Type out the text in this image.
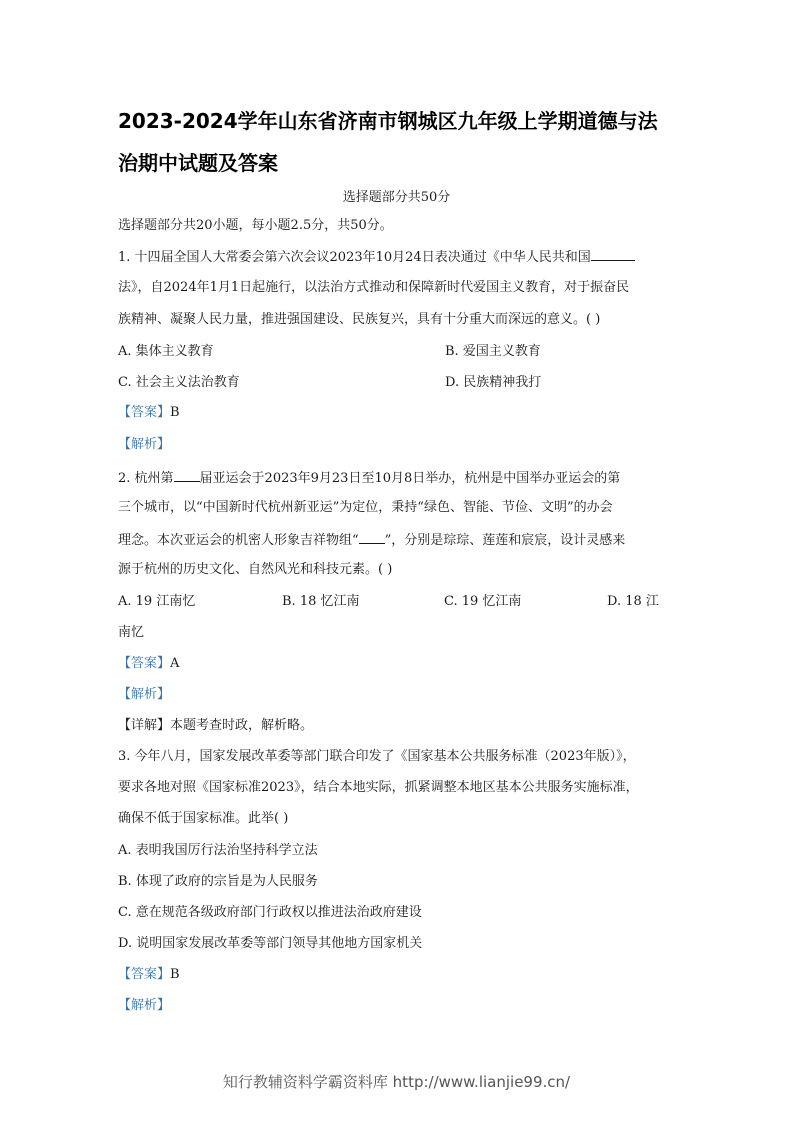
2023-2024学年山东省济南市钢城区九年级上学期道德与法
治期中试题及答案
选择题部分共50分
选择题部分共20小题，每小题2.5分，共50分。
1. 十四届全国人大常委会第六次会议2023年10月24日表决通过《中华人民共和国
法》，自2024年1月1日起施行，以法治方式推动和保障新时代爱国主义教育，对于振奋民
族精神、凝聚人民力量，推进强国建设、民族复兴，具有十分重大而深远的意义。( )
A. 集体主义教育	B. 爱国主义教育
C. 社会主义法治教育	D. 民族精神我打
【答案】B
【解析】
2. 杭州第 届亚运会于2023年9月23日至10月8日举办，杭州是中国举办亚运会的第
三个城市，以“中国新时代杭州新亚运”为定位，秉持“绿色、智能、节俭、文明”的办会
理念。本次亚运会的机密人形象吉祥物组“ ”，分别是琮琮、莲莲和宸宸，设计灵感来
源于杭州的历史文化、自然风光和科技元素。( )
A. 19 江南忆	B. 18 忆江南	C. 19 忆江南	D. 18 江
南忆
【答案】A
【解析】
【详解】本题考查时政，解析略。
3. 今年八月，国家发展改革委等部门联合印发了《国家基本公共服务标准（2023年版）》，
要求各地对照《国家标准2023》，结合本地实际，抓紧调整本地区基本公共服务实施标准，
确保不低于国家标准。此举( )
A. 表明我国厉行法治坚持科学立法
B. 体现了政府的宗旨是为人民服务
C. 意在规范各级政府部门行政权以推进法治政府建设
D. 说明国家发展改革委等部门领导其他地方国家机关
【答案】B
【解析】
知行教辅资料学霸资料库 http://www.lianjie99.cn/
